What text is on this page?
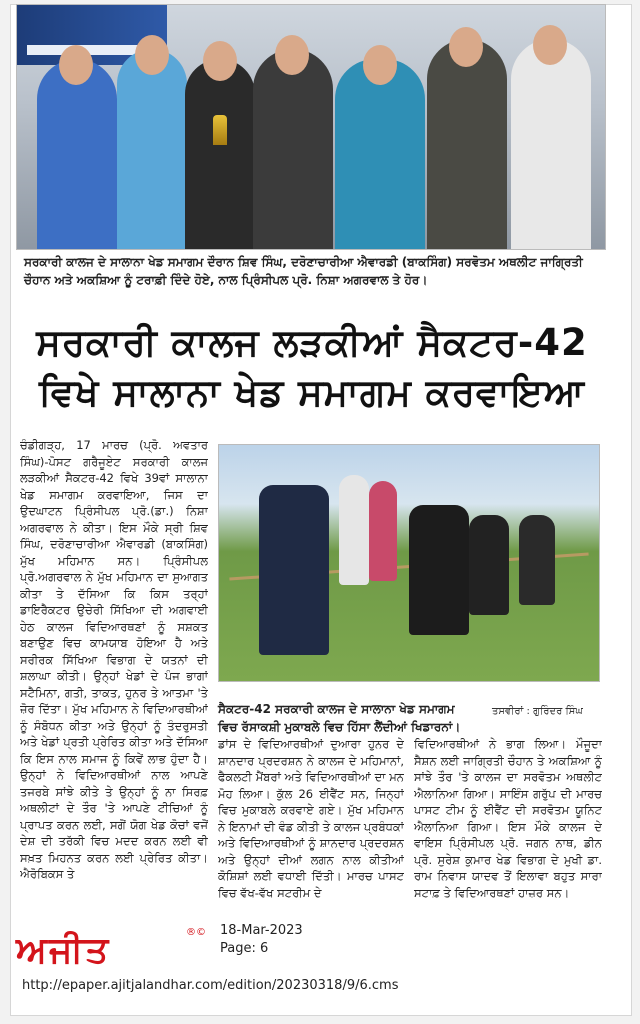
ਸਰਕਾਰੀ ਕਾਲਜ ਦੇ ਸਾਲਾਨਾ ਖੇਡ ਸਮਾਗਮ ਦੌਰਾਨ ਸ਼ਿਵ ਸਿੰਘ, ਦਰੋਣਾਚਾਰੀਆ ਐਵਾਰਡੀ (ਬਾਕਸਿੰਗ) ਸਰਵੋਤਮ ਅਥਲੀਟ ਜਾਗ੍ਰਿਤੀ ਚੌਹਾਨ ਅਤੇ ਅਕਸ਼ਿਆ ਨੂੰ ਟਰਾਫ਼ੀ ਦਿੰਦੇ ਹੋਏ, ਨਾਲ ਪ੍ਰਿੰਸੀਪਲ ਪ੍ਰੋ. ਨਿਸ਼ਾ ਅਗਰਵਾਲ ਤੇ ਹੋਰ।
ਸਰਕਾਰੀ ਕਾਲਜ ਲੜਕੀਆਂ ਸੈਕਟਰ-42
ਵਿਖੇ ਸਾਲਾਨਾ ਖੇਡ ਸਮਾਗਮ ਕਰਵਾਇਆ
ਚੰਡੀਗੜ੍ਹ, 17 ਮਾਰਚ (ਪ੍ਰੋ. ਅਵਤਾਰ ਸਿੰਘ)-ਪੋਸਟ ਗਰੈਜੂਏਟ ਸਰਕਾਰੀ ਕਾਲਜ ਲੜਕੀਆਂ ਸੈਕਟਰ-42 ਵਿਖੇ 39ਵਾਂ ਸਾਲਾਨਾ ਖੇਡ ਸਮਾਗਮ ਕਰਵਾਇਆ, ਜਿਸ ਦਾ ਉਦਘਾਟਨ ਪ੍ਰਿੰਸੀਪਲ ਪ੍ਰੋ.(ਡਾ.) ਨਿਸ਼ਾ ਅਗਰਵਾਲ ਨੇ ਕੀਤਾ। ਇਸ ਮੌਕੇ ਸ੍ਰੀ ਸ਼ਿਵ ਸਿੰਘ, ਦਰੋਣਾਚਾਰੀਆ ਐਵਾਰਡੀ (ਬਾਕਸਿੰਗ) ਮੁੱਖ ਮਹਿਮਾਨ ਸਨ। ਪ੍ਰਿੰਸੀਪਲ ਪ੍ਰੋ.ਅਗਰਵਾਲ ਨੇ ਮੁੱਖ ਮਹਿਮਾਨ ਦਾ ਸੁਆਗਤ ਕੀਤਾ ਤੇ ਦੱਸਿਆ ਕਿ ਕਿਸ ਤਰ੍ਹਾਂ ਡਾਇਰੈਕਟਰ ਉਚੇਰੀ ਸਿੱਖਿਆ ਦੀ ਅਗਵਾਈ ਹੇਠ ਕਾਲਜ ਵਿਦਿਆਰਥਣਾਂ ਨੂੰ ਸਸ਼ਕਤ ਬਣਾਉਣ ਵਿਚ ਕਾਮਯਾਬ ਹੋਇਆ ਹੈ ਅਤੇ ਸਰੀਰਕ ਸਿੱਖਿਆ ਵਿਭਾਗ ਦੇ ਯਤਨਾਂ ਦੀ ਸ਼ਲਾਘਾ ਕੀਤੀ। ਉਨ੍ਹਾਂ ਖੇਡਾਂ ਦੇ ਪੰਜ ਭਾਗਾਂ ਸਟੈਮਿਨਾ, ਗਤੀ, ਤਾਕਤ, ਹੁਨਰ ਤੇ ਆਤਮਾ 'ਤੇ ਜ਼ੋਰ ਦਿੱਤਾ। ਮੁੱਖ ਮਹਿਮਾਨ ਨੇ ਵਿਦਿਆਰਥੀਆਂ ਨੂੰ ਸੰਬੋਧਨ ਕੀਤਾ ਅਤੇ ਉਨ੍ਹਾਂ ਨੂੰ ਤੰਦਰੁਸਤੀ ਅਤੇ ਖੇਡਾਂ ਪ੍ਰਤੀ ਪ੍ਰੇਰਿਤ ਕੀਤਾ ਅਤੇ ਦੱਸਿਆ ਕਿ ਇਸ ਨਾਲ ਸਮਾਜ ਨੂੰ ਕਿਵੇਂ ਲਾਭ ਹੁੰਦਾ ਹੈ। ਉਨ੍ਹਾਂ ਨੇ ਵਿਦਿਆਰਥੀਆਂ ਨਾਲ ਆਪਣੇ ਤਜਰਬੇ ਸਾਂਝੇ ਕੀਤੇ ਤੇ ਉਨ੍ਹਾਂ ਨੂੰ ਨਾ ਸਿਰਫ਼ ਅਥਲੀਟਾਂ ਦੇ ਤੌਰ 'ਤੇ ਆਪਣੇ ਟੀਚਿਆਂ ਨੂੰ ਪ੍ਰਾਪਤ ਕਰਨ ਲਈ, ਸਗੋਂ ਯੋਗ ਖੇਡ ਕੋਚਾਂ ਵਜੋਂ ਦੇਸ਼ ਦੀ ਤਰੱਕੀ ਵਿਚ ਮਦਦ ਕਰਨ ਲਈ ਵੀ ਸਖ਼ਤ ਮਿਹਨਤ ਕਰਨ ਲਈ ਪ੍ਰੇਰਿਤ ਕੀਤਾ। ਐਰੋਬਿਕਸ ਤੇ
ਸੈਕਟਰ-42 ਸਰਕਾਰੀ ਕਾਲਜ ਦੇ ਸਾਲਾਨਾ ਖੇਡ ਸਮਾਗਮ ਵਿਚ ਰੱਸਾਕਸ਼ੀ ਮੁਕਾਬਲੇ ਵਿਚ ਹਿੱਸਾ ਲੈਂਦੀਆਂ ਖਿਡਾਰਨਾਂ।
ਤਸਵੀਰਾਂ : ਗੁਰਿੰਦਰ ਸਿੰਘ
ਡਾਂਸ ਦੇ ਵਿਦਿਆਰਥੀਆਂ ਦੁਆਰਾ ਹੁਨਰ ਦੇ ਸ਼ਾਨਦਾਰ ਪ੍ਰਦਰਸ਼ਨ ਨੇ ਕਾਲਜ ਦੇ ਮਹਿਮਾਨਾਂ, ਫੈਕਲਟੀ ਮੈਂਬਰਾਂ ਅਤੇ ਵਿਦਿਆਰਥੀਆਂ ਦਾ ਮਨ ਮੋਹ ਲਿਆ। ਕੁੱਲ 26 ਈਵੈਂਟ ਸਨ, ਜਿਨ੍ਹਾਂ ਵਿਚ ਮੁਕਾਬਲੇ ਕਰਵਾਏ ਗਏ। ਮੁੱਖ ਮਹਿਮਾਨ ਨੇ ਇਨਾਮਾਂ ਦੀ ਵੰਡ ਕੀਤੀ ਤੇ ਕਾਲਜ ਪ੍ਰਬੰਧਕਾਂ ਅਤੇ ਵਿਦਿਆਰਥੀਆਂ ਨੂੰ ਸ਼ਾਨਦਾਰ ਪ੍ਰਦਰਸ਼ਨ ਅਤੇ ਉਨ੍ਹਾਂ ਦੀਆਂ ਲਗਨ ਨਾਲ ਕੀਤੀਆਂ ਕੋਸ਼ਿਸ਼ਾਂ ਲਈ ਵਧਾਈ ਦਿੱਤੀ। ਮਾਰਚ ਪਾਸਟ ਵਿਚ ਵੱਖ-ਵੱਖ ਸਟਰੀਮ ਦੇ
ਵਿਦਿਆਰਥੀਆਂ ਨੇ ਭਾਗ ਲਿਆ। ਮੌਜੂਦਾ ਸੈਸ਼ਨ ਲਈ ਜਾਗ੍ਰਿਤੀ ਚੌਹਾਨ ਤੇ ਅਕਸ਼ਿਆ ਨੂੰ ਸਾਂਝੇ ਤੌਰ 'ਤੇ ਕਾਲਜ ਦਾ ਸਰਵੋਤਮ ਅਥਲੀਟ ਐਲਾਨਿਆ ਗਿਆ। ਸਾਇੰਸ ਗਰੁੱਪ ਦੀ ਮਾਰਚ ਪਾਸਟ ਟੀਮ ਨੂੰ ਈਵੈਂਟ ਦੀ ਸਰਵੋਤਮ ਯੂਨਿਟ ਐਲਾਨਿਆ ਗਿਆ। ਇਸ ਮੌਕੇ ਕਾਲਜ ਦੇ ਵਾਇਸ ਪ੍ਰਿੰਸੀਪਲ ਪ੍ਰੋ. ਜਗਨ ਨਾਥ, ਡੀਨ ਪ੍ਰੋ. ਸੁਰੇਸ਼ ਕੁਮਾਰ ਖੇਡ ਵਿਭਾਗ ਦੇ ਮੁਖੀ ਡਾ. ਰਾਮ ਨਿਵਾਸ ਯਾਦਵ ਤੋਂ ਇਲਾਵਾ ਬਹੁਤ ਸਾਰਾ ਸਟਾਫ਼ ਤੇ ਵਿਦਿਆਰਥਣਾਂ ਹਾਜ਼ਰ ਸਨ।
ਅਜੀਤ	®© 18-Mar-2023
Page: 6
http://epaper.ajitjalandhar.com/edition/20230318/9/6.cms
